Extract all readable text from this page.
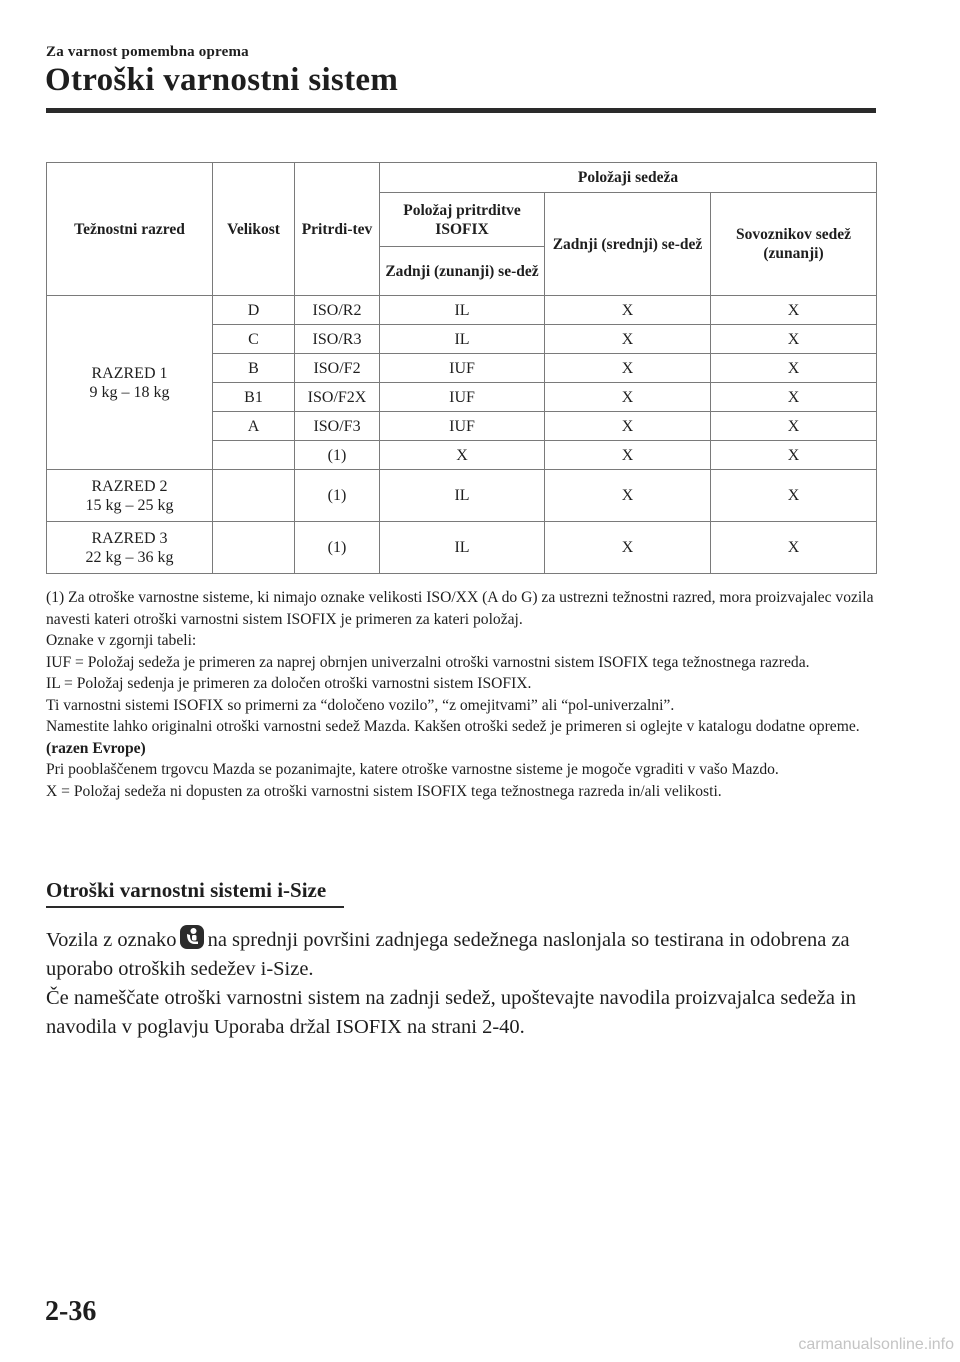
Za varnost pomembna oprema
Otroški varnostni sistem
Težnostni razred	Velikost	Pritrdi-tev	Položaji sedeža		
			Položaj pritrditve ISOFIX	Zadnji (srednji) se-dež	Sovoznikov sedež (zunanji)
			Zadnji (zunanji) se-dež		
RAZRED 1
9 kg – 18 kg	D	ISO/R2	IL	X	X
	C	ISO/R3	IL	X	X
	B	ISO/F2	IUF	X	X
	B1	ISO/F2X	IUF	X	X
	A	ISO/F3	IUF	X	X
		(1)	X	X	X
RAZRED 2
15 kg – 25 kg		(1)	IL	X	X
RAZRED 3
22 kg – 36 kg		(1)	IL	X	X

(1) Za otroške varnostne sisteme, ki nimajo oznake velikosti ISO/XX (A do G) za ustrezni težnostni razred, mora proizvajalec vozila navesti kateri otroški varnostni sistem ISOFIX je primeren za kateri položaj.

Oznake v zgornji tabeli:

IUF = Položaj sedeža je primeren za naprej obrnjen univerzalni otroški varnostni sistem ISOFIX tega težnostnega razreda.

IL = Položaj sedenja je primeren za določen otroški varnostni sistem ISOFIX.

Ti varnostni sistemi ISOFIX so primerni za “določeno vozilo”, “z omejitvami” ali “pol-univerzalni”.

Namestite lahko originalni otroški varnostni sedež Mazda. Kakšen otroški sedež je primeren si oglejte v katalogu dodatne opreme.

(razen Evrope)

Pri pooblaščenem trgovcu Mazda se pozanimajte, katere otroške varnostne sisteme je mogoče vgraditi v vašo Mazdo.

X = Položaj sedeža ni dopusten za otroški varnostni sistem ISOFIX tega težnostnega razreda in/ali velikosti.

Otroški varnostni sistemi i-Size

Vozila z oznako na sprednji površini zadnjega sedežnega naslonjala so testirana in odobrena za uporabo otroških sedežev i-Size.

Če nameščate otroški varnostni sistem na zadnji sedež, upoštevajte navodila proizvajalca sedeža in navodila v poglavju Uporaba držal ISOFIX na strani 2-40.

2-36
carmanualsonline.info
